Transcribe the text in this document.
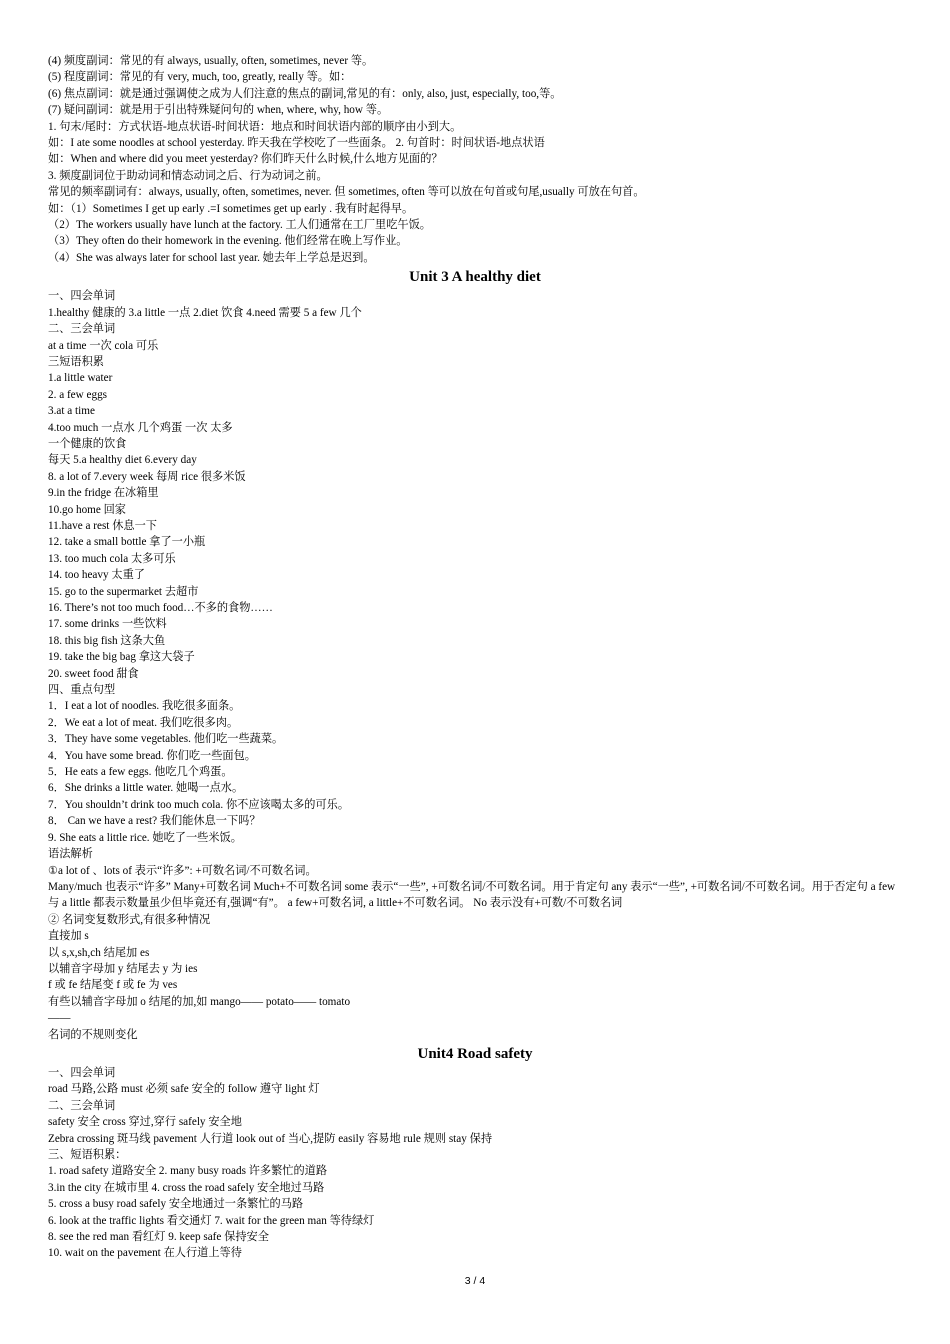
(4) 频度副词：常见的有 always, usually, often, sometimes, never 等。
(5) 程度副词：常见的有 very, much, too, greatly, really 等。如：
(6) 焦点副词：就是通过强调使之成为人们注意的焦点的副词,常见的有：only, also, just, especially, too,等。
(7) 疑问副词：就是用于引出特殊疑问句的 when, where, why, how 等。
1. 句末/尾时：方式状语-地点状语-时间状语：地点和时间状语内部的顺序由小到大。
如：I ate some noodles at school yesterday. 昨天我在学校吃了一些面条。 2. 句首时：时间状语-地点状语
如：When and where did you meet yesterday? 你们昨天什么时候,什么地方见面的？
3. 频度副词位于助动词和情态动词之后、行为动词之前。
常见的频率副词有：always, usually, often, sometimes, never. 但 sometimes, often 等可以放在句首或句尾,usually 可放在句首。
如：（1）Sometimes I get up early .=I sometimes get up early . 我有时起得早。
（2）The workers usually have lunch at the factory. 工人们通常在工厂里吃午饭。
（3）They often do their homework in the evening. 他们经常在晚上写作业。
（4）She was always later for school last year. 她去年上学总是迟到。
Unit 3 A healthy diet
一、四会单词
1.healthy 健康的 3.a little 一点 2.diet 饮食 4.need 需要 5 a few 几个
二、三会单词
at a time 一次 cola 可乐
三短语积累
1.a little water
2. a few eggs
3.at a time
4.too much 一点水 几个鸡蛋 一次 太多
一个健康的饮食
每天 5.a healthy diet 6.every day
8. a lot of 7.every week 每周 rice 很多米饭
9.in the fridge 在冰箱里
10.go home 回家
11.have a rest 休息一下
12. take a small bottle 拿了一小瓶
13. too much cola 太多可乐
14. too heavy 太重了
15. go to the supermarket 去超市
16. There’s not too much food…不多的食物……
17. some drinks 一些饮料
18. this big fish 这条大鱼
19. take the big bag 拿这大袋子
20. sweet food 甜食
四、重点句型
1．I eat a lot of noodles. 我吃很多面条。
2．We eat a lot of meat. 我们吃很多肉。
3．They have some vegetables. 他们吃一些蔬菜。
4．You have some bread. 你们吃一些面包。
5．He eats a few eggs. 他吃几个鸡蛋。
6．She drinks a little water. 她喝一点水。
7．You shouldn’t drink too much cola. 你不应该喝太多的可乐。
8． Can we have a rest? 我们能休息一下吗？
9. She eats a little rice. 她吃了一些米饭。
语法解析
①a lot of 、lots of 表示“许多”: +可数名词/不可数名词。
Many/much 也表示“许多” Many+可数名词 Much+不可数名词 some 表示“一些”, +可数名词/不可数名词。用于肯定句 any 表示“一些”, +可数名词/不可数名词。用于否定句 a few 与 a little 都表示数量虽少但毕竟还有,强调“有”。 a few+可数名词, a little+不可数名词。 No 表示没有+可数/不可数名词
② 名词变复数形式,有很多种情况
直接加 s
以 s,x,sh,ch 结尾加 es
以辅音字母加 y 结尾去 y 为 ies
f 或 fe 结尾变 f 或 fe 为 ves
有些以辅音字母加 o 结尾的加,如 mango—— potato—— tomato
——
名词的不规则变化
Unit4 Road safety
一、四会单词
road 马路,公路 must 必须 safe 安全的 follow 遵守 light 灯
二、三会单词
safety 安全 cross 穿过,穿行 safely 安全地
Zebra crossing 斑马线 pavement 人行道 look out of 当心,提防 easily 容易地 rule 规则 stay 保持
三、短语积累：
1. road safety 道路安全 2. many busy roads 许多繁忙的道路
3.in the city 在城市里 4. cross the road safely 安全地过马路
5. cross a busy road safely 安全地通过一条繁忙的马路
6. look at the traffic lights 看交通灯 7. wait for the green man 等待绿灯
8. see the red man 看红灯 9. keep safe 保持安全
10. wait on the pavement 在人行道上等待
3 / 4
